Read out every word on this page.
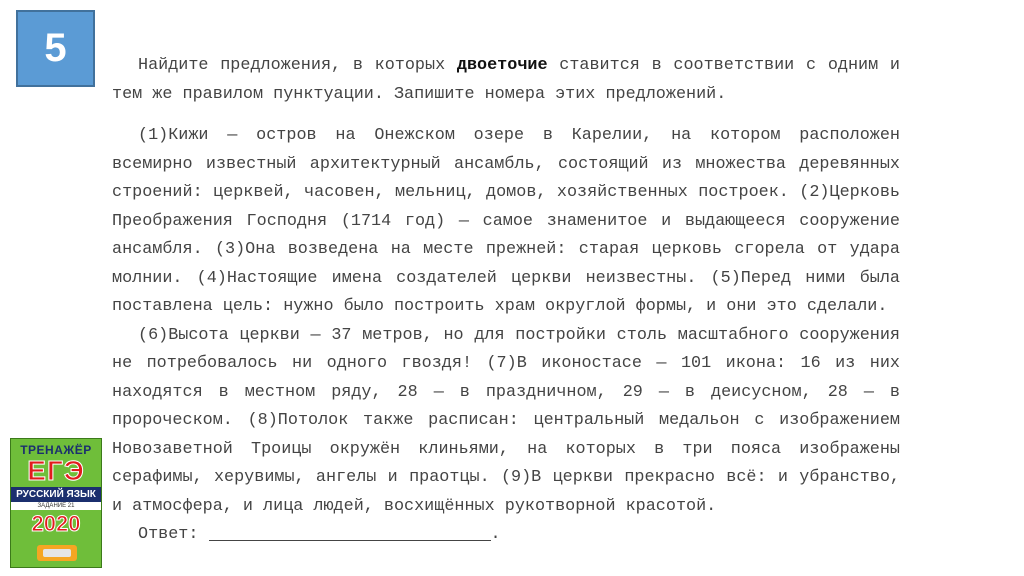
5	Найдите предложения, в которых двоеточие ставится в соответствии с одним и тем же правилом пунктуации. Запишите номера этих предложений.

(1)Кижи — остров на Онежском озере в Карелии, на котором расположен всемирно известный архитектурный ансамбль, состоящий из множества деревянных строений: церквей, часовен, мельниц, домов, хозяйственных построек. (2)Церковь Преображения Господня (1714 год) — самое знаменитое и выдающееся сооружение ансамбля. (3)Она возведена на месте прежней: старая церковь сгорела от удара молнии. (4)Настоящие имена создателей церкви неизвестны. (5)Перед ними была поставлена цель: нужно было построить храм округлой формы, и они это сделали.

(6)Высота церкви — 37 метров, но для постройки столь масштабного сооружения не потребовалось ни одного гвоздя! (7)В иконостасе — 101 икона: 16 из них находятся в местном ряду, 28 — в праздничном, 29 — в деисусном, 28 — в пророческом. (8)Потолок также расписан: центральный медальон с изображением Новозаветной Троицы окружён клиньями, на которых в три пояса изображены серафимы, херувимы, ангелы и праотцы. (9)В церкви прекрасно всё: и убранство, и атмосфера, и лица людей, восхищённых рукотворной красотой.

Ответ:	.

ТРЕНАЖЁР
ЕГЭ
РУССКИЙ ЯЗЫК
ЗАДАНИЕ 21
2020
